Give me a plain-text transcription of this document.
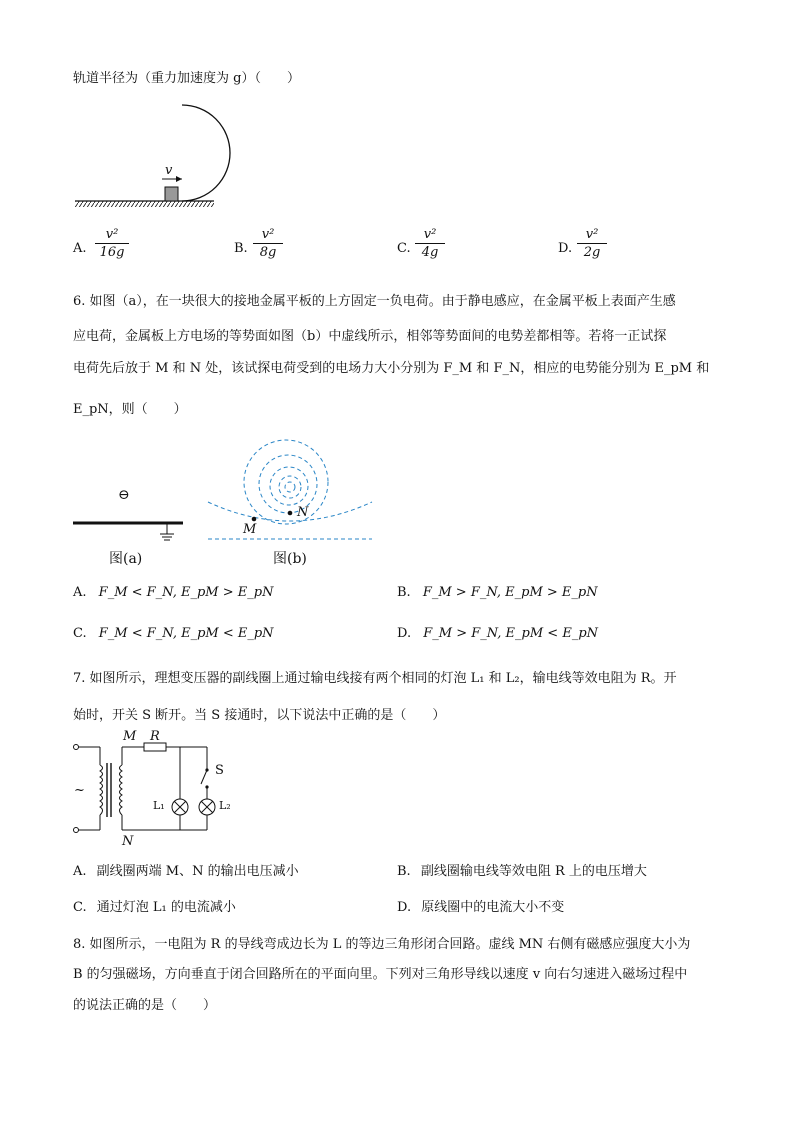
轨道半径为（重力加速度为 g）（　　）
v
A. $\frac{\text{v²}}{16g}$	B. $\frac{\text{v²}}{8g}$	C. $\frac{\text{v²}}{4g}$	D. $\frac{\text{v²}}{2g}$
6. 如图（a），在一块很大的接地金属平板的上方固定一负电荷。由于静电感应，在金属平板上表面产生感
应电荷，金属板上方电场的等势面如图（b）中虚线所示，相邻等势面间的电势差都相等。若将一正试探
电荷先后放于 M 和 N 处，该试探电荷受到的电场力大小分别为 F_M 和 F_N，相应的电势能分别为 E_pM 和
E_pN，则（　　）
⊖
图(a)
M
N
图(b)
A. F_M < F_N, E_pM > E_pN	B. F_M > F_N, E_pM > E_pN
C. F_M < F_N, E_pM < E_pN	D. F_M > F_N, E_pM < E_pN
7. 如图所示，理想变压器的副线圈上通过输电线接有两个相同的灯泡 L₁ 和 L₂，输电线等效电阻为 R。开
始时，开关 S 断开。当 S 接通时，以下说法中正确的是（　　）
M R
S
~
L₁	L₂
N
A. 副线圈两端 M、N 的输出电压减小	B. 副线圈输电线等效电阻 R 上的电压增大
C. 通过灯泡 L₁ 的电流减小	D. 原线圈中的电流大小不变
8. 如图所示，一电阻为 R 的导线弯成边长为 L 的等边三角形闭合回路。虚线 MN 右侧有磁感应强度大小为
B 的匀强磁场，方向垂直于闭合回路所在的平面向里。下列对三角形导线以速度 v 向右匀速进入磁场过程中
的说法正确的是（　　）
